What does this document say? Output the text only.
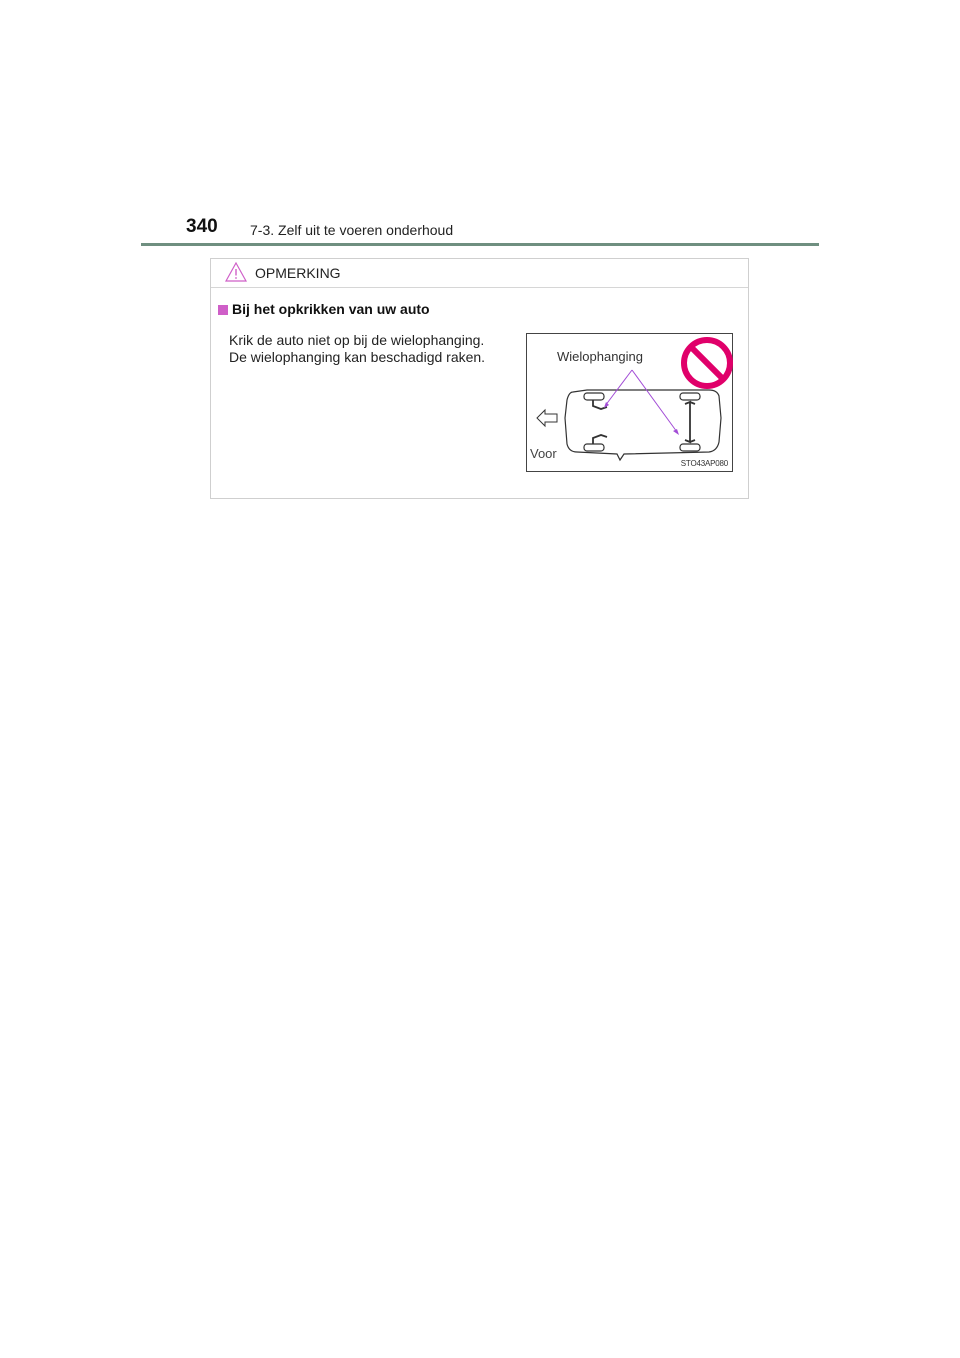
340 7-3. Zelf uit te voeren onderhoud
OPMERKING
Bij het opkrikken van uw auto
Krik de auto niet op bij de wielophanging.
De wielophanging kan beschadigd raken.	Wielophanging
Voor
STO43AP080
